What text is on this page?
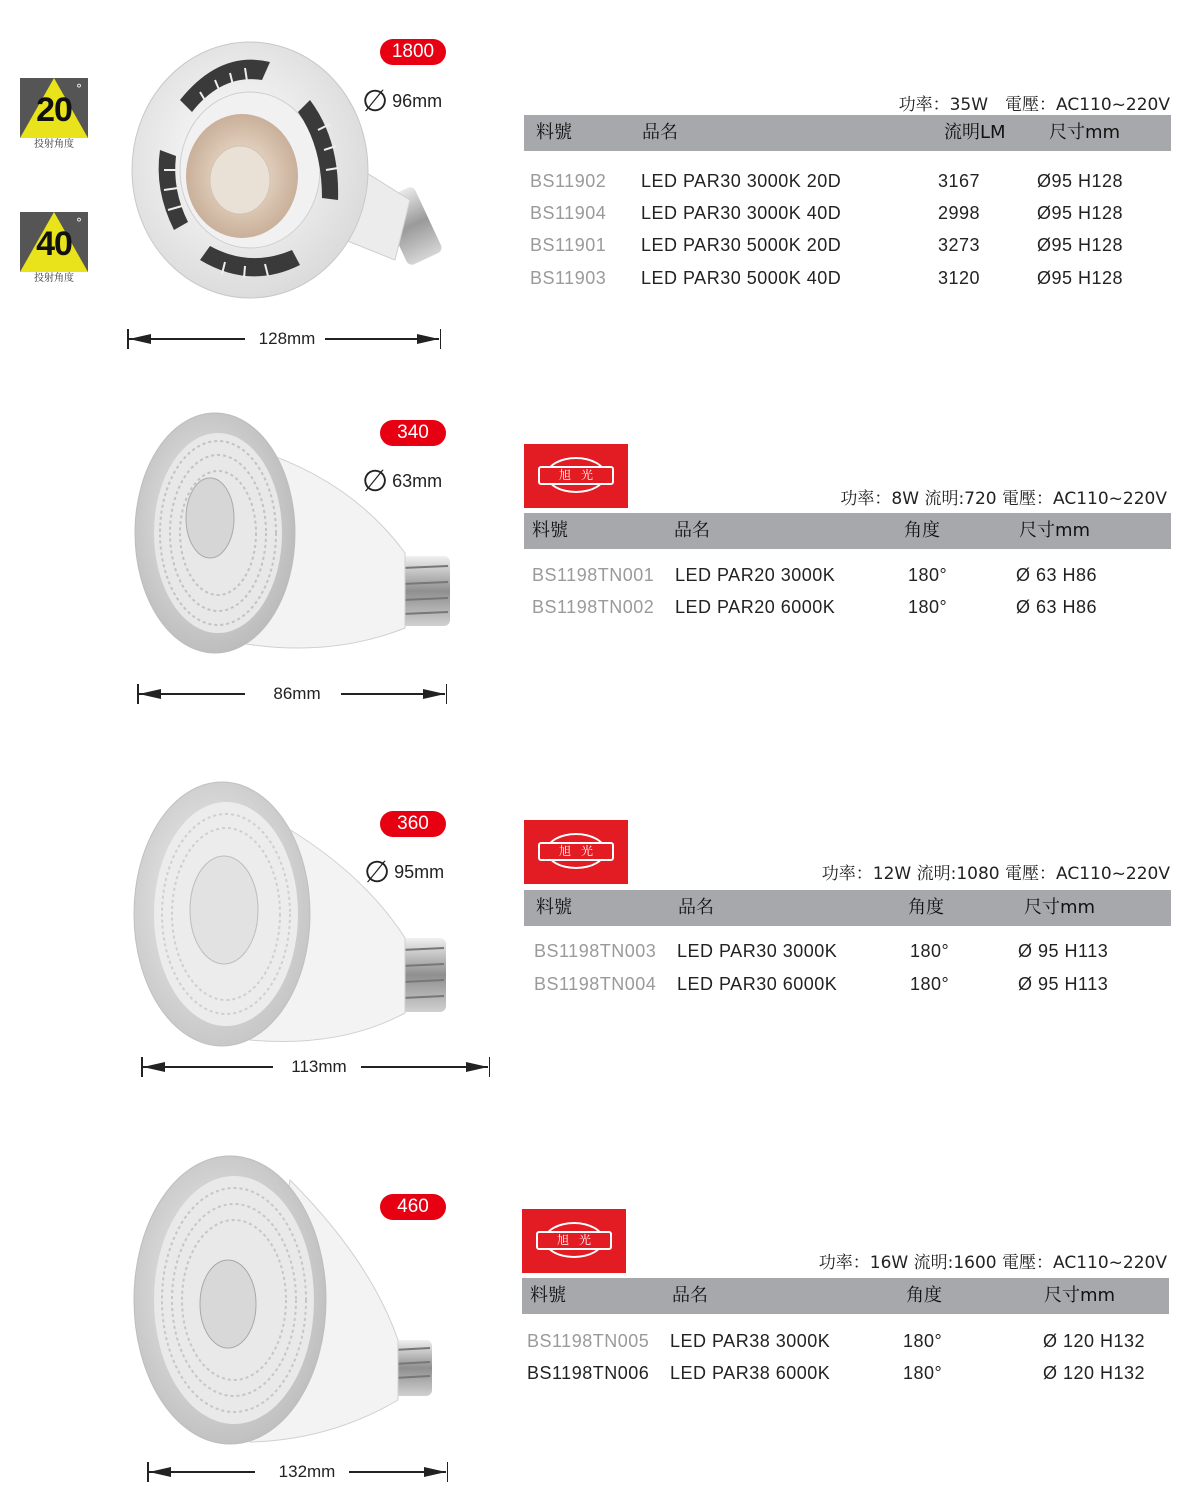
20
°
投射角度
40
°
投射角度
1800
∅ 96mm
128mm
功率：35W　電壓：AC110~220V
料號	品名	流明LM 尺寸mm
BS11902 LED PAR30 3000K 20D	3167	Ø95 H128
BS11904 LED PAR30 3000K 40D	2998	Ø95 H128
BS11901 LED PAR30 5000K 20D	3273	Ø95 H128
BS11903 LED PAR30 5000K 40D	3120	Ø95 H128
340
∅ 63mm
86mm
旭光
功率：8W 流明:720 電壓：AC110~220V
料號	品名	角度	尺寸mm
BS1198TN001 LED PAR20 3000K	180°	Ø 63 H86
BS1198TN002 LED PAR20 6000K	180°	Ø 63 H86
360
∅ 95mm
113mm
旭光
功率：12W 流明:1080 電壓：AC110~220V
料號	品名	角度	尺寸mm
BS1198TN003 LED PAR30 3000K	180°	Ø 95 H113
BS1198TN004 LED PAR30 6000K	180°	Ø 95 H113
460
132mm
旭光
功率：16W 流明:1600 電壓：AC110~220V
料號	品名	角度	尺寸mm
BS1198TN005 LED PAR38 3000K	180°	Ø 120 H132
BS1198TN006 LED PAR38 6000K	180°	Ø 120 H132
